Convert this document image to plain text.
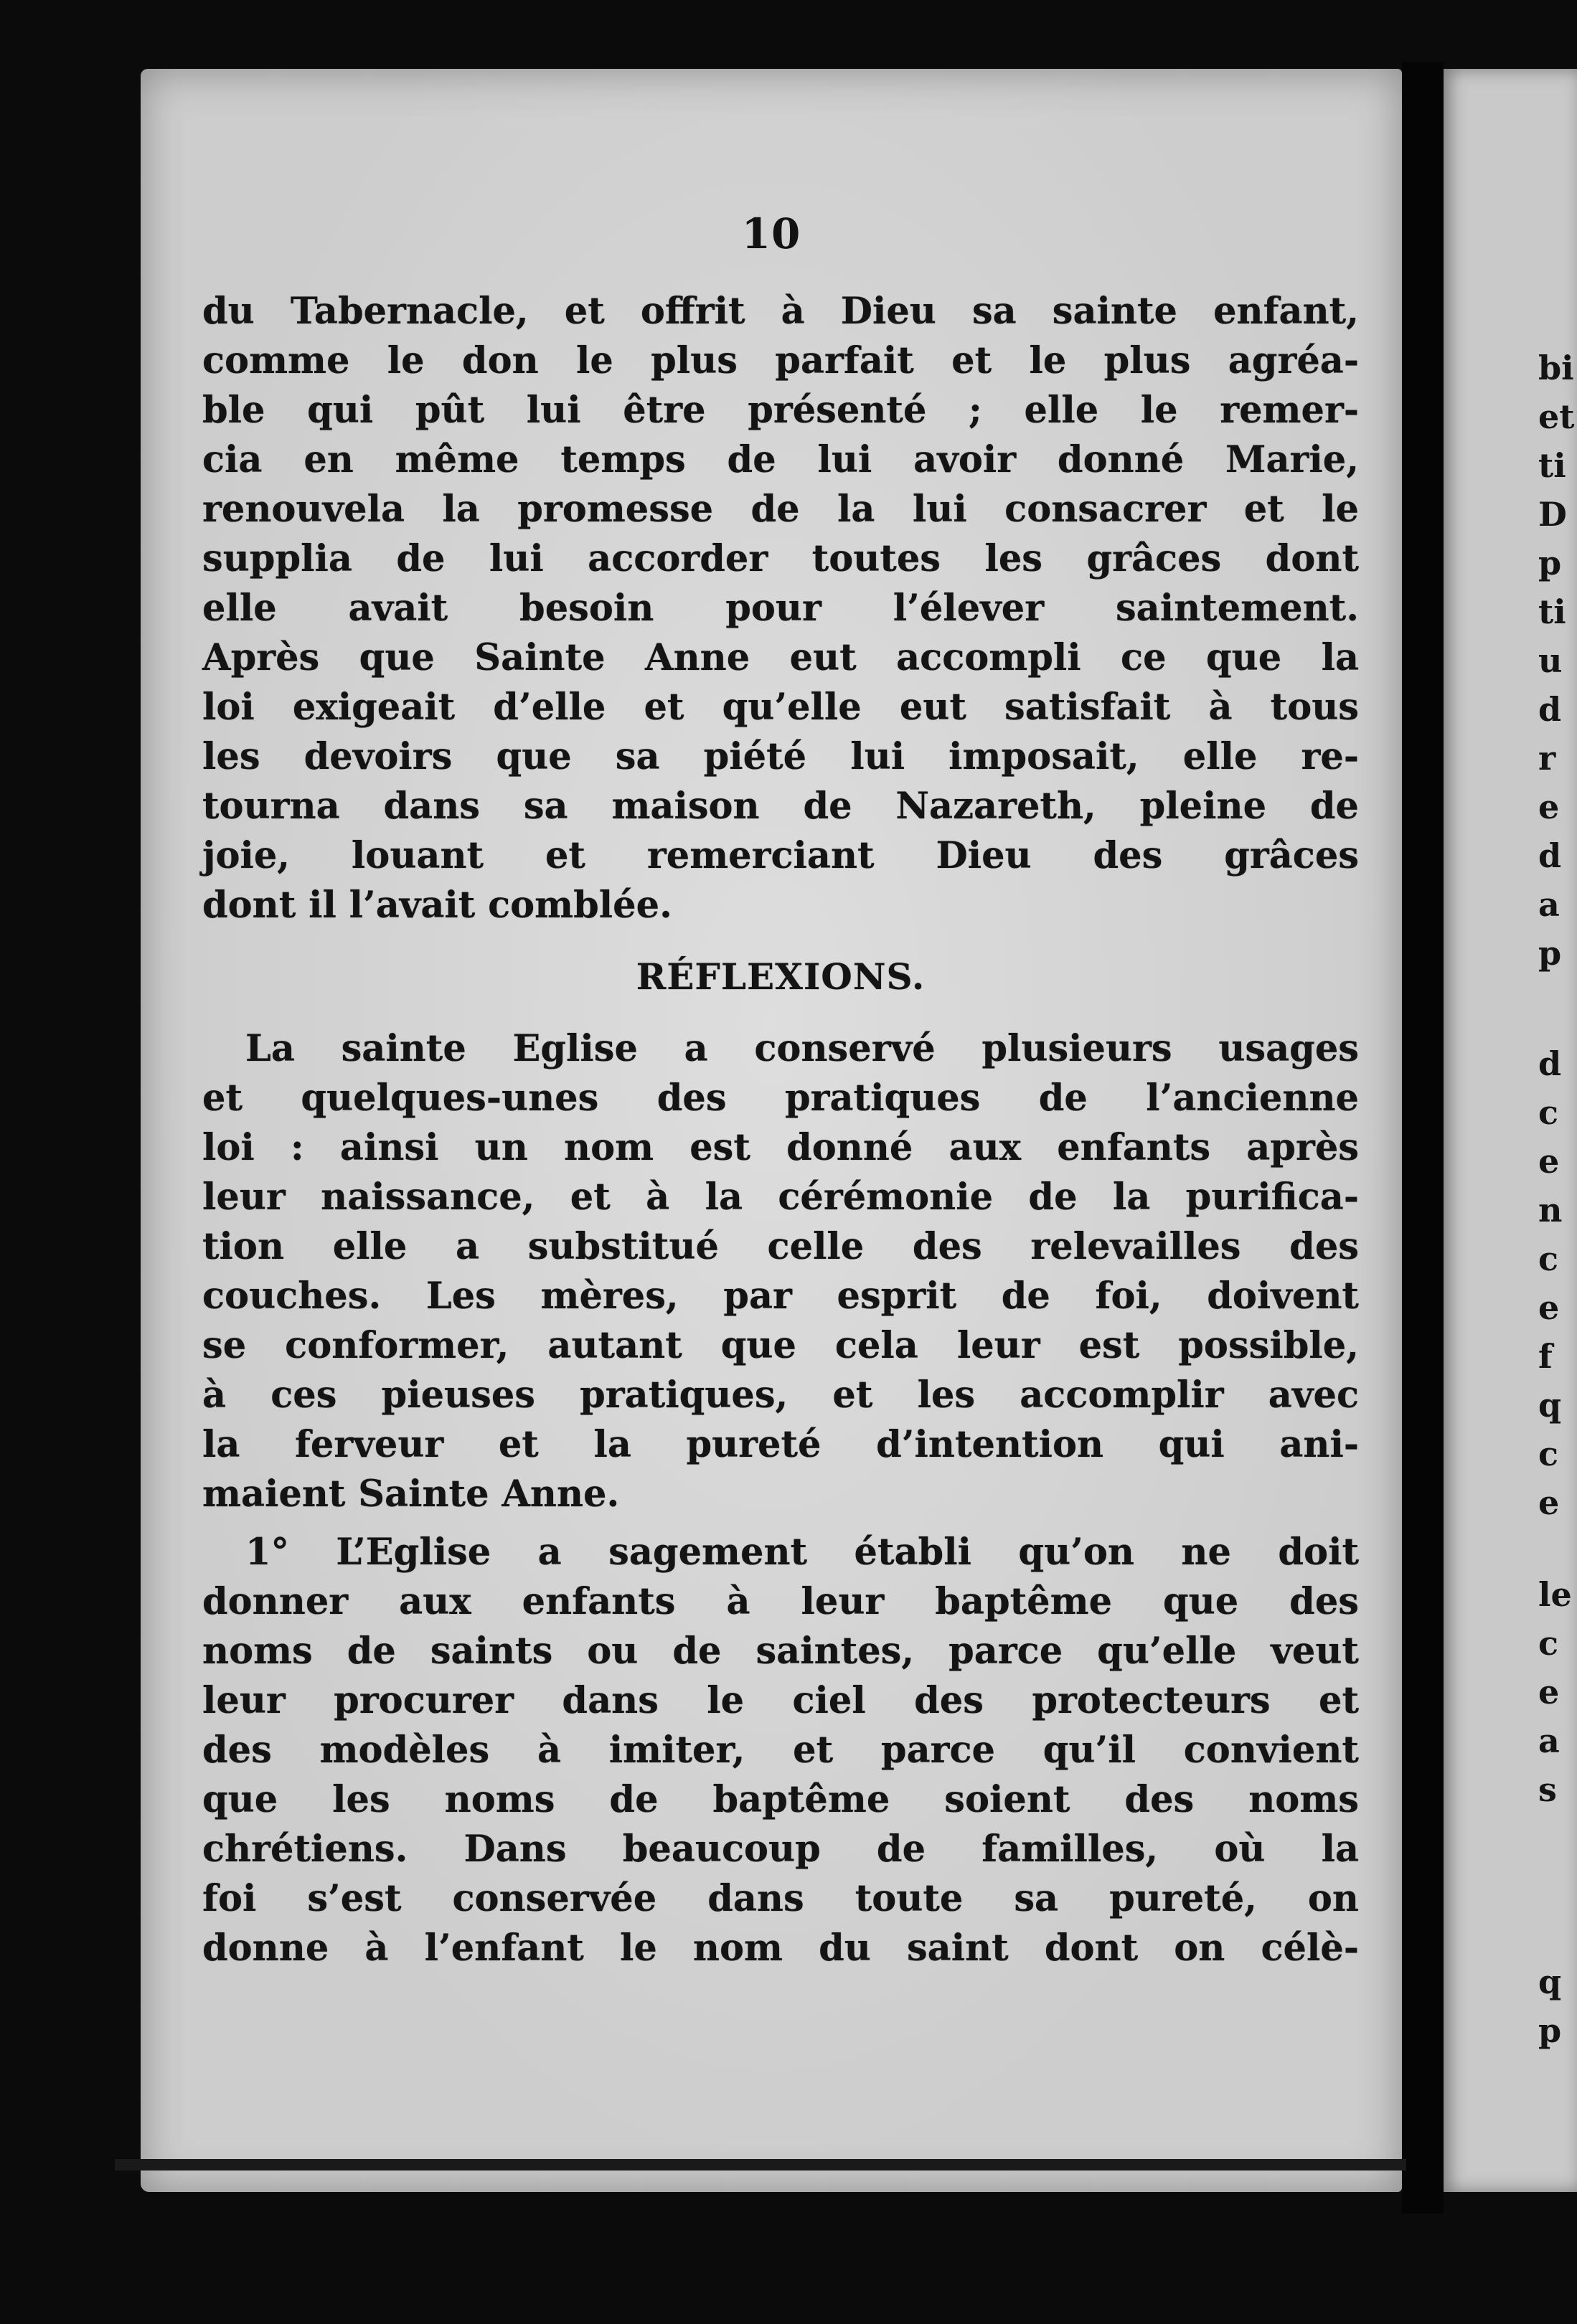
10
du Tabernacle, et offrit à Dieu sa sainte enfant,
comme le don le plus parfait et le plus agréa-
ble qui pût lui être présenté ; elle le remer-
cia en même temps de lui avoir donné Marie,
renouvela la promesse de la lui consacrer et le
supplia de lui accorder toutes les grâces dont
elle avait besoin pour l’élever saintement.
Après que Sainte Anne eut accompli ce que la
loi exigeait d’elle et qu’elle eut satisfait à tous
les devoirs que sa piété lui imposait, elle re-
tourna dans sa maison de Nazareth, pleine de
joie, louant et remerciant Dieu des grâces
dont il l’avait comblée.
RÉFLEXIONS.
La sainte Eglise a conservé plusieurs usages
et quelques-unes des pratiques de l’ancienne
loi : ainsi un nom est donné aux enfants après
leur naissance, et à la cérémonie de la purifica-
tion elle a substitué celle des relevailles des
couches. Les mères, par esprit de foi, doivent
se conformer, autant que cela leur est possible,
à ces pieuses pratiques, et les accomplir avec
la ferveur et la pureté d’intention qui ani-
maient Sainte Anne.
1° L’Eglise a sagement établi qu’on ne doit
donner aux enfants à leur baptême que des
noms de saints ou de saintes, parce qu’elle veut
leur procurer dans le ciel des protecteurs et
des modèles à imiter, et parce qu’il convient
que les noms de baptême soient des noms
chrétiens. Dans beaucoup de familles, où la
foi s’est conservée dans toute sa pureté, on
donne à l’enfant le nom du saint dont on célè-
bi
et
ti
D
p
ti
u
d
r
e
d
a
p
d
c
e
n
c
e
f
q
c
e
le
c
e
a
s
q
p
